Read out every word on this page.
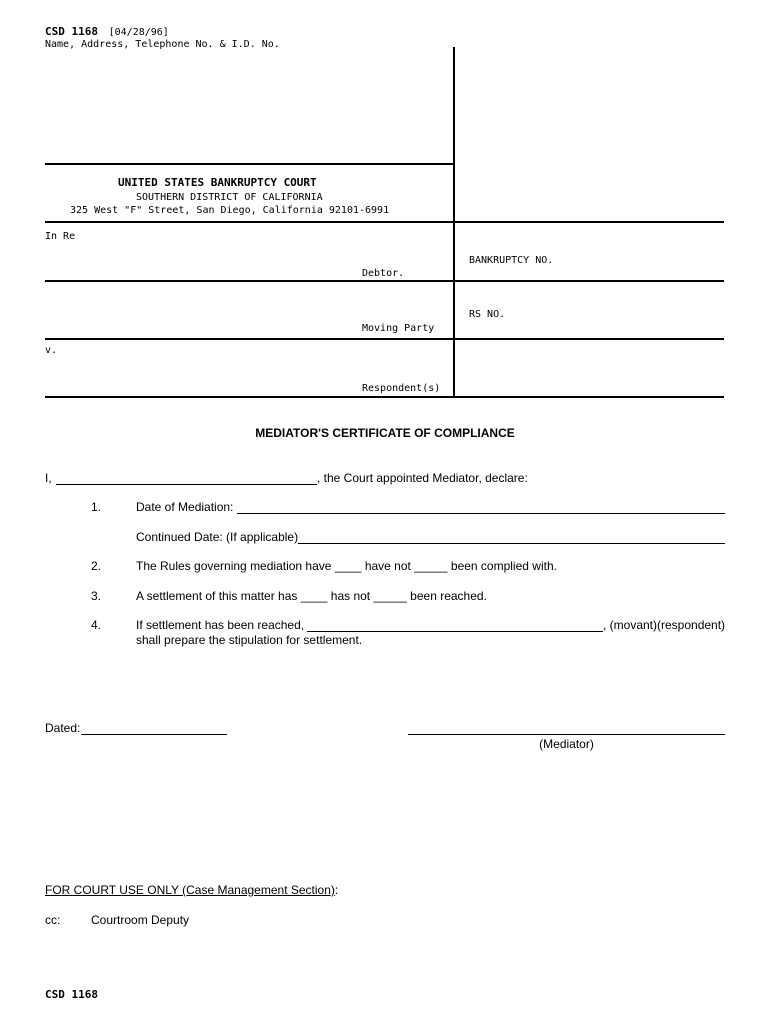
CSD 1168 [04/28/96]
Name, Address, Telephone No. & I.D. No.
UNITED STATES BANKRUPTCY COURT
SOUTHERN DISTRICT OF CALIFORNIA
325 West "F" Street, San Diego, California 92101-6991
In Re
BANKRUPTCY NO.
Debtor.
RS NO.
Moving Party
v.
Respondent(s)
MEDIATOR'S CERTIFICATE OF COMPLIANCE
I,	, the Court appointed Mediator, declare:
1.	Date of Mediation:
Continued Date: (If applicable)
2.	The Rules governing mediation have ____ have not _____ been complied with.
3.	A settlement of this matter has ____ has not _____ been reached.
4.	If settlement has been reached,	, (movant)(respondent)
shall prepare the stipulation for settlement.
Dated:
(Mediator)
FOR COURT USE ONLY (Case Management Section):
cc:	Courtroom Deputy
CSD 1168
